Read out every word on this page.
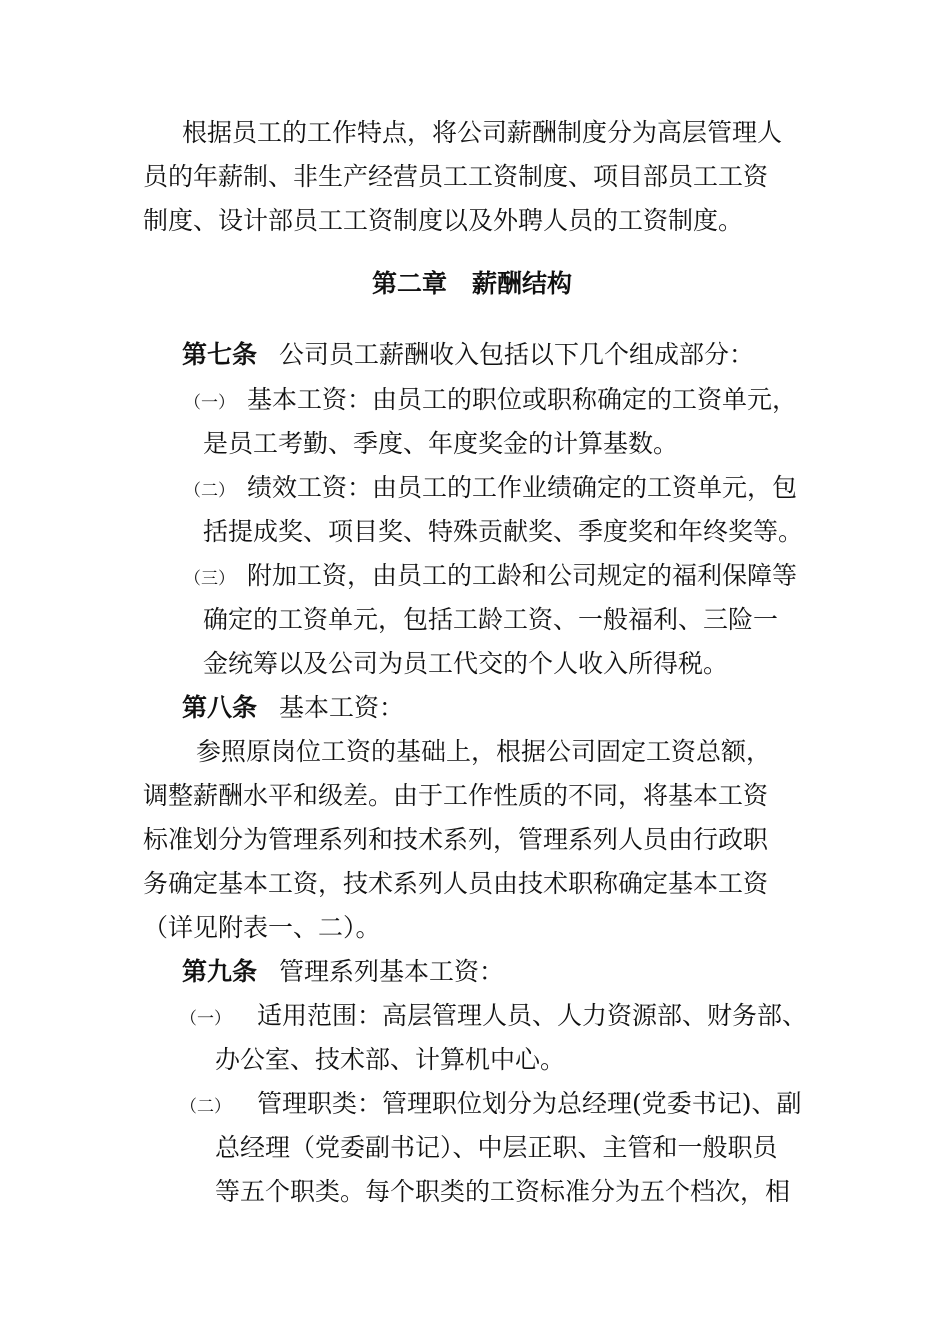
根据员工的工作特点，将公司薪酬制度分为高层管理人
员的年薪制、非生产经营员工工资制度、项目部员工工资
制度、设计部员工工资制度以及外聘人员的工资制度。
第二章　薪酬结构
第七条 公司员工薪酬收入包括以下几个组成部分：
（一） 基本工资：由员工的职位或职称确定的工资单元，
是员工考勤、季度、年度奖金的计算基数。
（二） 绩效工资：由员工的工作业绩确定的工资单元，包
括提成奖、项目奖、特殊贡献奖、季度奖和年终奖等。
（三） 附加工资，由员工的工龄和公司规定的福利保障等
确定的工资单元，包括工龄工资、一般福利、三险一
金统筹以及公司为员工代交的个人收入所得税。
第八条 基本工资：
参照原岗位工资的基础上，根据公司固定工资总额，
调整薪酬水平和级差。由于工作性质的不同，将基本工资
标准划分为管理系列和技术系列，管理系列人员由行政职
务确定基本工资，技术系列人员由技术职称确定基本工资
（详见附表一、二）。
第九条 管理系列基本工资：
（一） 适用范围：高层管理人员、人力资源部、财务部、
办公室、技术部、计算机中心。
（二） 管理职类：管理职位划分为总经理(党委书记)、副
总经理（党委副书记）、中层正职、主管和一般职员
等五个职类。每个职类的工资标准分为五个档次，相
